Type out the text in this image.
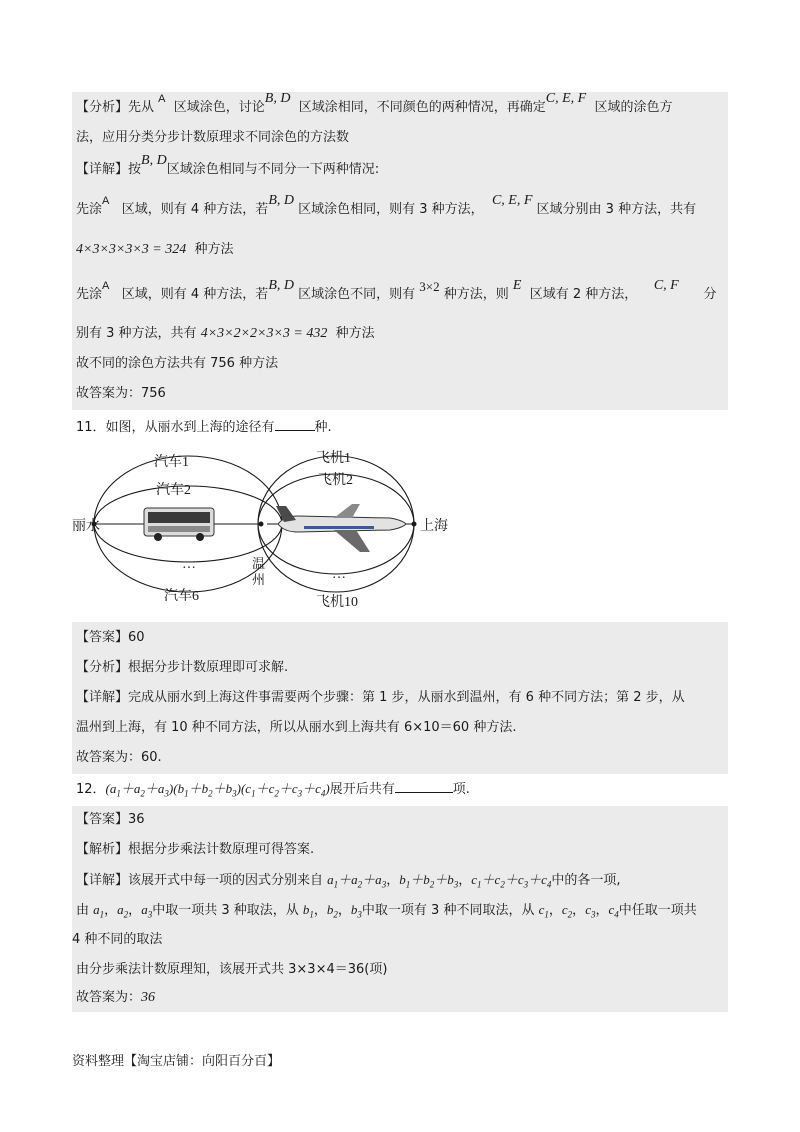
【分析】先从 $^A$  区域涂色，讨论B, D  区域涂相同，不同颜色的两种情况，再确定C, E, F  区域的涂色方
法，应用分类分步计数原理求不同涂色的方法数
【详解】按B, D区域涂色相同与不同分一下两种情况:
先涂$^A$   区域，则有 4 种方法，若B, D 区域涂色相同，则有 3 种方法，  C, E, F 区域分别由 3 种方法，共有
4×3×3×3×3 = 324 种方法
先涂$^A$   区域，则有 4 种方法，若B, D 区域涂色不同，则有 3×2 种方法，则 E  区域有 2 种方法，    C, F      分
别有 3 种方法，共有 4×3×2×2×3×3 = 432 种方法
故不同的涂色方法共有 756 种方法
故答案为：756
11．如图，从丽水到上海的途径有	种.
丽水	上海
温
州
汽车1
汽车2
…
汽车6
飞机1
飞机2
…
飞机10
【答案】60
【分析】根据分步计数原理即可求解.
【详解】完成从丽水到上海这件事需要两个步骤：第 1 步，从丽水到温州，有 6 种不同方法；第 2 步，从
温州到上海，有 10 种不同方法，所以从丽水到上海共有 6×10＝60 种方法.
故答案为：60.
12．$(a_1+a_2+a_3)(b_1+b_2+b_3)(c_1+c_2+c_3+c_4)$展开后共有	项.
【答案】36
【解析】根据分步乘法计数原理可得答案.
【详解】该展开式中每一项的因式分别来自 $a_1+a_2+a_3$，$b_1+b_2+b_3$，$c_1+c_2+c_3+c_4$中的各一项,
由 $a_1$，$a_2$，$a_3$中取一项共 3 种取法，从 $b_1$，$b_2$，$b_3$中取一项有 3 种不同取法，从 $c_1$，$c_2$，$c_3$，$c_4$中任取一项共
4 种不同的取法
由分步乘法计数原理知，该展开式共 3×3×4＝36(项)
故答案为：36
资料整理【淘宝店铺：向阳百分百】
